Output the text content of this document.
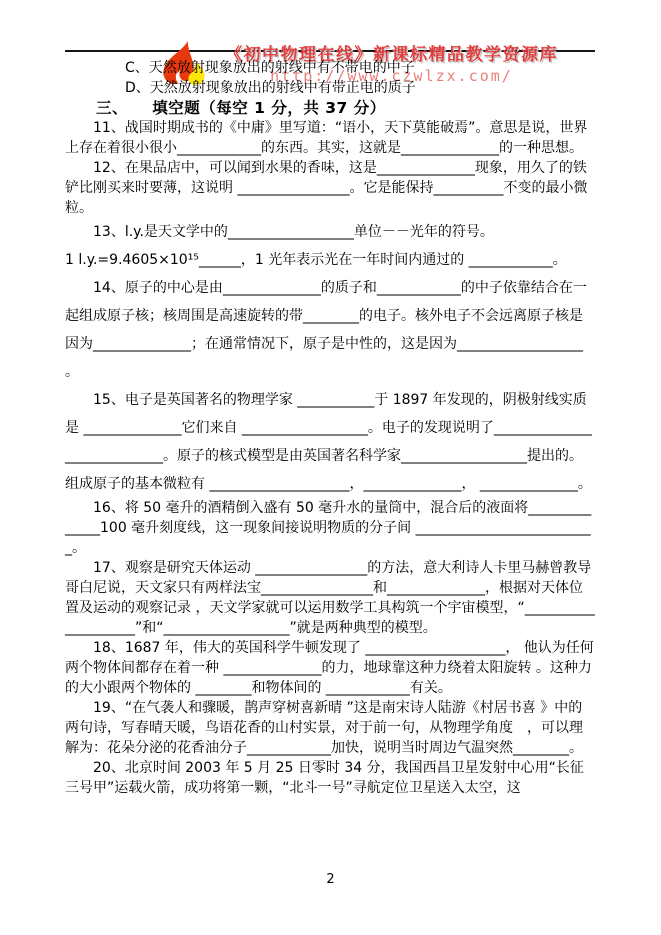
《初中物理在线》新课标精品教学资源库
http://www.czwlzx.com/

C、天然放射现象放出的射线中有不带电的中子

D、天然放射现象放出的射线中有带正电的质子

三、　　填空题（每空 1 分，共 37 分）

11、战国时期成书的《中庸》里写道：“语小，天下莫能破焉”。意思是说，世界上存在着很小很小____________的东西。其实，这就是______________的一种思想。

12、在果品店中，可以闻到水果的香味，这是______________现象，用久了的铁铲比刚买来时要薄，这说明 ________________。它是能保持__________不变的最小微粒。

13、l.y.是天文学中的__________________单位－－光年的符号。

1 l.y.=9.4605×10¹⁵______，1 光年表示光在一年时间内通过的 ____________。

14、原子的中心是由______________的质子和____________的中子依靠结合在一起组成原子核；核周围是高速旋转的带________的电子。核外电子不会远离原子核是因为______________；在通常情况下，原子是中性的，这是因为__________________ 。

15、电子是英国著名的物理学家 ___________于 1897 年发现的，阴极射线实质是 ______________它们来自 __________________。电子的发现说明了____________________________。原子的核式模型是由英国著名科学家__________________提出的。组成原子的基本微粒有 ____________________，______________， ______________。

16、将 50 毫升的酒精倒入盛有 50 毫升水的量筒中，混合后的液面将______________100 毫升刻度线，这一现象间接说明物质的分子间 __________________________。

17、观察是研究天体运动 ________________的方法，意大利诗人卡里马赫曾教导哥白尼说，天文家只有两样法宝________________和______________，根据对天体位置及运动的观察记录 ，天文学家就可以运用数学工具构筑一个宇宙模型，“____________________”和“__________________”就是两种典型的模型。

18、1687 年，伟大的英国科学牛顿发现了 ____________________， 他认为任何两个物体间都存在着一种 ______________的力，地球靠这种力绕着太阳旋转 。这种力的大小跟两个物体的 ________和物体间的 ____________有关。

19、“在气袭人和骤暖，鹊声穿树喜新晴 ”这是南宋诗人陆游《村居书喜 》中的两句诗，写春晴天暖，鸟语花香的山村实景，对于前一句，从物理学角度　，可以理解为：花朵分泌的花香油分子____________加快，说明当时周边气温突然________。

20、北京时间 2003 年 5 月 25 日零时 34 分，我国西昌卫星发射中心用“长征三号甲”运载火箭，成功将第一颗，“北斗一号”寻航定位卫星送入太空，这

2
